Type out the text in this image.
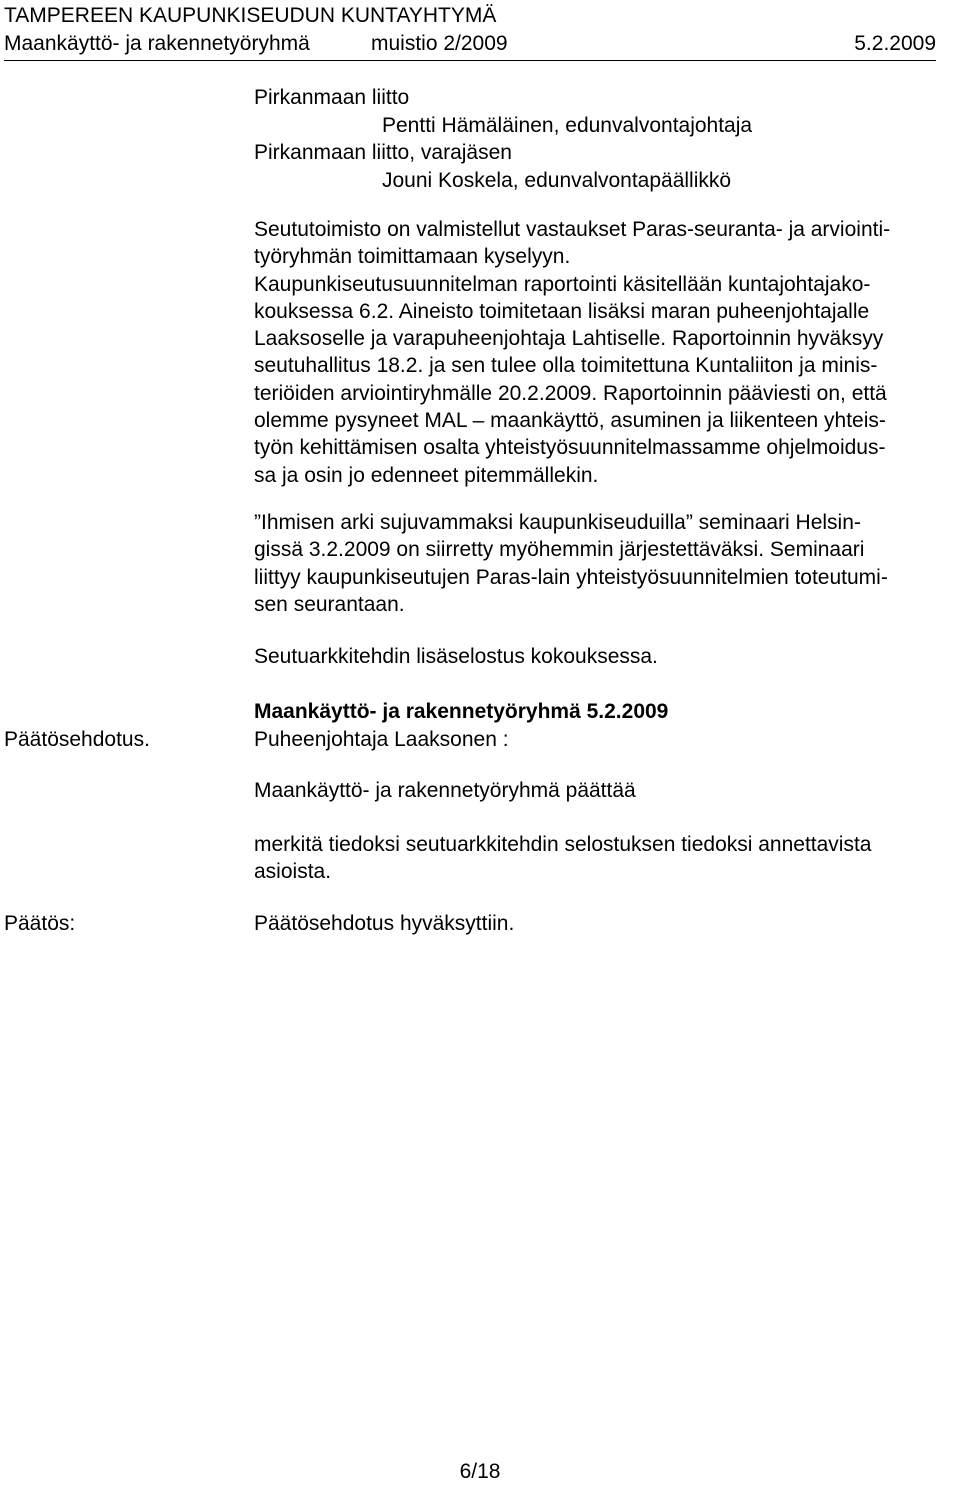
TAMPEREEN KAUPUNKISEUDUN KUNTAYHTYMÄ
Maankäyttö- ja rakennetyöryhmä	muistio 2/2009	5.2.2009
Pirkanmaan liitto
Pentti Hämäläinen, edunvalvontajohtaja
Pirkanmaan liitto, varajäsen
Jouni Koskela, edunvalvontapäällikkö
Seututoimisto on valmistellut vastaukset Paras-seuranta- ja arviointi-
työryhmän toimittamaan kyselyyn.
Kaupunkiseutusuunnitelman raportointi käsitellään kuntajohtajako-
kouksessa 6.2. Aineisto toimitetaan lisäksi maran puheenjohtajalle
Laaksoselle ja varapuheenjohtaja Lahtiselle. Raportoinnin hyväksyy
seutuhallitus 18.2. ja sen tulee olla toimitettuna Kuntaliiton ja minis-
teriöiden arviointiryhmälle 20.2.2009. Raportoinnin pääviesti on, että
olemme pysyneet MAL – maankäyttö, asuminen ja liikenteen yhteis-
työn kehittämisen osalta yhteistyösuunnitelmassamme ohjelmoidus-
sa ja osin jo edenneet pitemmällekin.
”Ihmisen arki sujuvammaksi kaupunkiseuduilla” seminaari Helsin-
gissä 3.2.2009 on siirretty myöhemmin järjestettäväksi. Seminaari
liittyy kaupunkiseutujen Paras-lain yhteistyösuunnitelmien toteutumi-
sen seurantaan.
Seutuarkkitehdin lisäselostus kokouksessa.
Maankäyttö- ja rakennetyöryhmä 5.2.2009
Päätösehdotus.	Puheenjohtaja Laaksonen :
Maankäyttö- ja rakennetyöryhmä päättää
merkitä tiedoksi seutuarkkitehdin selostuksen tiedoksi annettavista
asioista.
Päätös:	Päätösehdotus hyväksyttiin.
6/18
